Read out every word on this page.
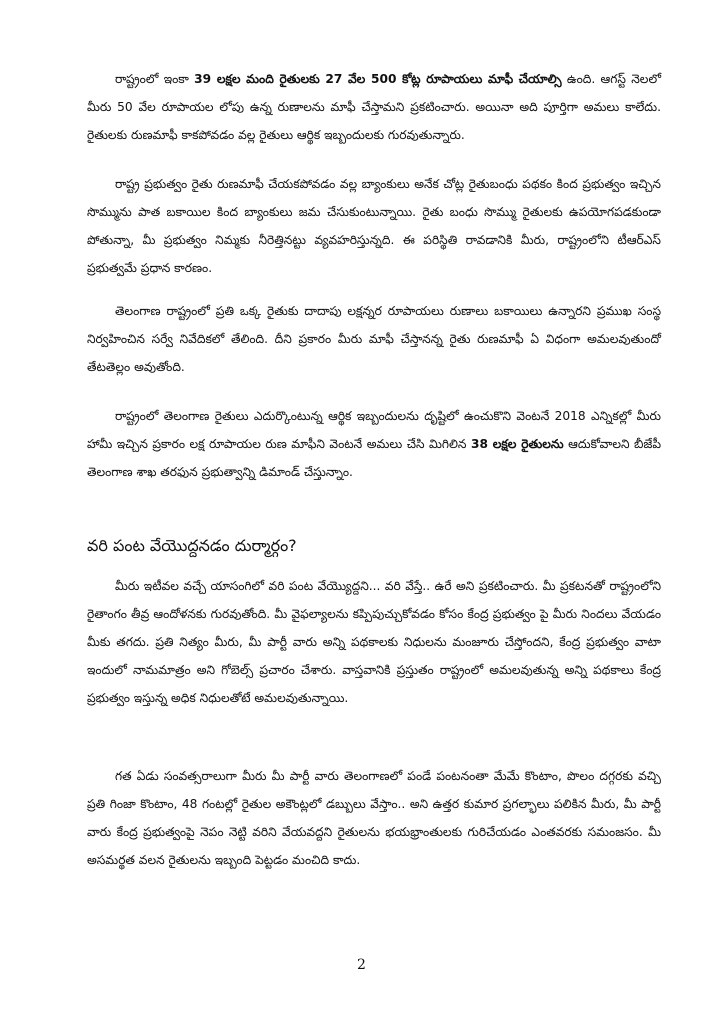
రాష్ట్రంలో ఇంకా 39 లక్షల మంది రైతులకు 27 వేల 500 కోట్ల రూపాయలు మాఫీ చేయాల్సి ఉంది. ఆగస్ట్ నెలలో మీరు 50 వేల రూపాయల లోపు ఉన్న రుణాలను మాఫీ చేస్తామని ప్రకటించారు. అయినా అది పూర్తిగా అమలు కాలేదు. రైతులకు రుణమాఫీ కాకపోవడం వల్ల రైతులు ఆర్థిక ఇబ్బందులకు గురవుతున్నారు.

రాష్ట్ర ప్రభుత్వం రైతు రుణమాఫీ చేయకపోవడం వల్ల బ్యాంకులు అనేక చోట్ల రైతుబంధు పథకం కింద ప్రభుత్వం ఇచ్చిన సొమ్మును పాత బకాయిల కింద బ్యాంకులు జమ చేసుకుంటున్నాయి. రైతు బంధు సొమ్ము రైతులకు ఉపయోగపడకుండా పోతున్నా, మీ ప్రభుత్వం నిమ్మకు నీరెత్తినట్టు వ్యవహరిస్తున్నది. ఈ పరిస్థితి రావడానికి మీరు, రాష్ట్రంలోని టీఆర్ఎస్ ప్రభుత్వమే ప్రధాన కారణం.

తెలంగాణ రాష్ట్రంలో ప్రతి ఒక్క రైతుకు దాదాపు లక్షన్నర రూపాయలు రుణాలు బకాయిలు ఉన్నారని ప్రముఖ సంస్థ నిర్వహించిన సర్వే నివేదికలో తేలింది. దీని ప్రకారం మీరు మాఫీ చేస్తానన్న రైతు రుణమాఫీ ఏ విధంగా అమలవుతుందో తేటతెల్లం అవుతోంది.

రాష్ట్రంలో తెలంగాణ రైతులు ఎదుర్కొంటున్న ఆర్థిక ఇబ్బందులను దృష్టిలో ఉంచుకొని వెంటనే 2018 ఎన్నికల్లో మీరు హామీ ఇచ్చిన ప్రకారం లక్ష రూపాయల రుణ మాఫీని వెంటనే అమలు చేసి మిగిలిన 38 లక్షల రైతులను ఆదుకోవాలని బీజేపీ తెలంగాణ శాఖ తరఫున ప్రభుత్వాన్ని డిమాండ్ చేస్తున్నాం.

వరి పంట వేయొద్దనడం దుర్మార్గం?

మీరు ఇటీవల వచ్చే యాసంగిలో వరి పంట వేయ్యొద్దని... వరి వేస్తే.. ఉరే అని ప్రకటించారు. మీ ప్రకటనతో రాష్ట్రంలోని రైతాంగం తీవ్ర ఆందోళనకు గురవుతోంది. మీ వైఫల్యాలను కప్పిపుచ్చుకోవడం కోసం కేంద్ర ప్రభుత్వం పై మీరు నిందలు వేయడం మీకు తగదు. ప్రతి నిత్యం మీరు, మీ పార్టీ వారు అన్ని పథకాలకు నిధులను మంజూరు చేస్తోందని, కేంద్ర ప్రభుత్వం వాటా ఇందులో నామమాత్రం అని గోబెల్స్ ప్రచారం చేశారు. వాస్తవానికి ప్రస్తుతం రాష్ట్రంలో అమలవుతున్న అన్ని పథకాలు కేంద్ర ప్రభుత్వం ఇస్తున్న అధిక నిధులతోటే అమలవుతున్నాయి.

గత ఏడు సంవత్సరాలుగా మీరు మీ పార్టీ వారు తెలంగాణలో పండే పంటనంతా మేమే కొంటాం, పొలం దగ్గరకు వచ్చి ప్రతి గింజా కొంటాం, 48 గంటల్లో రైతుల అకౌంట్లలో డబ్బులు వేస్తాం.. అని ఉత్తర కుమార ప్రగల్భాలు పలికిన మీరు, మీ పార్టీ వారు కేంద్ర ప్రభుత్వంపై నెపం నెట్టి వరిని వేయవద్దని రైతులను భయభ్రాంతులకు గురిచేయడం ఎంతవరకు సమంజసం. మీ అసమర్థత వలన రైతులను ఇబ్బంది పెట్టడం మంచిది కాదు.

2
